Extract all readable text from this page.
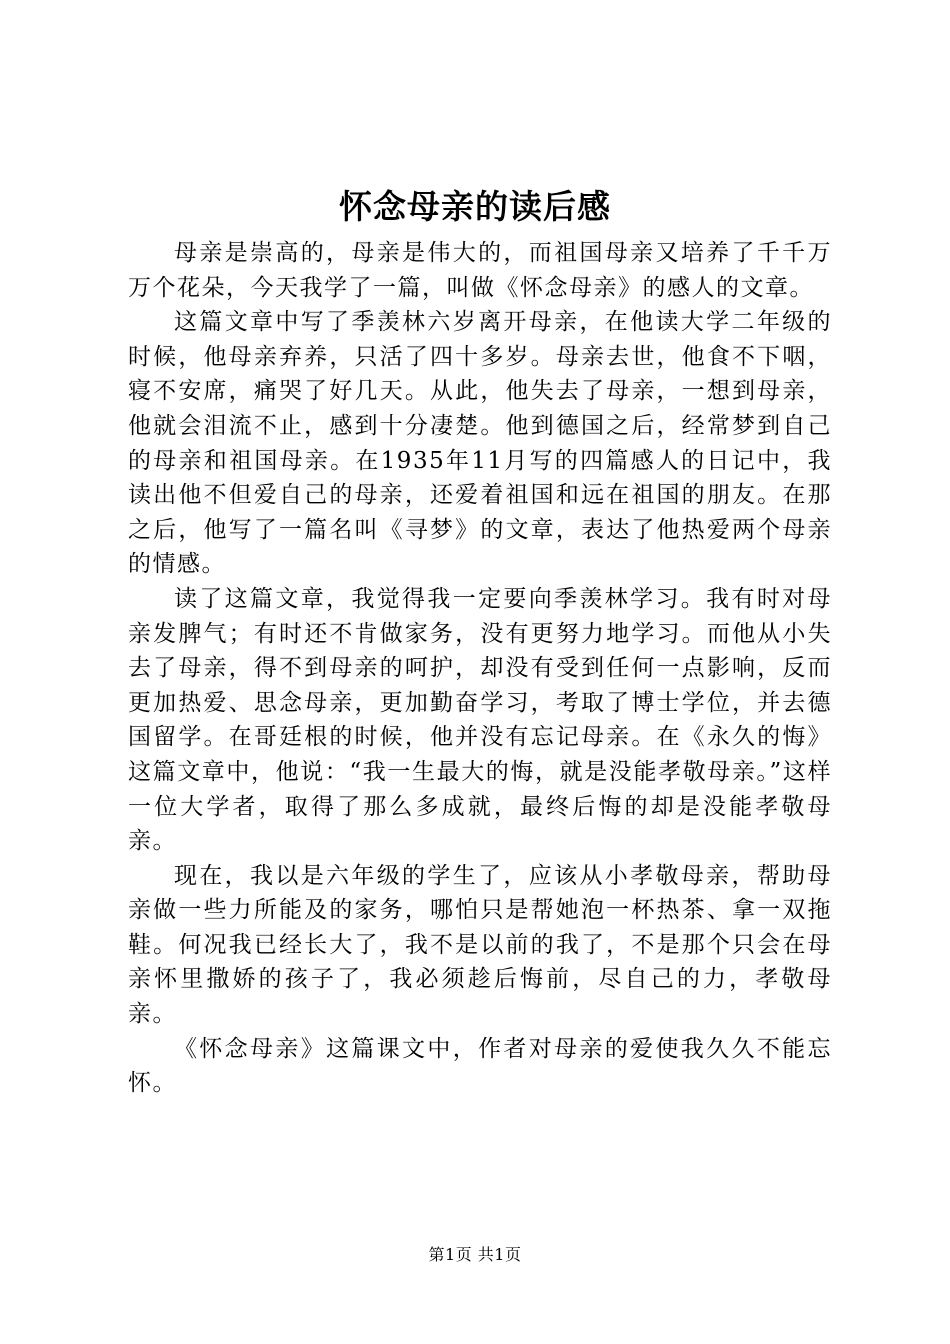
怀念母亲的读后感

母亲是崇高的，母亲是伟大的，而祖国母亲又培养了千千万万个花朵，今天我学了一篇，叫做《怀念母亲》的感人的文章。

这篇文章中写了季羡林六岁离开母亲，在他读大学二年级的时候，他母亲弃养，只活了四十多岁。母亲去世，他食不下咽，寝不安席，痛哭了好几天。从此，他失去了母亲，一想到母亲，他就会泪流不止，感到十分凄楚。他到德国之后，经常梦到自己的母亲和祖国母亲。在1935年11月写的四篇感人的日记中，我读出他不但爱自己的母亲，还爱着祖国和远在祖国的朋友。在那之后，他写了一篇名叫《寻梦》的文章，表达了他热爱两个母亲的情感。

读了这篇文章，我觉得我一定要向季羡林学习。我有时对母亲发脾气；有时还不肯做家务，没有更努力地学习。而他从小失去了母亲，得不到母亲的呵护，却没有受到任何一点影响，反而更加热爱、思念母亲，更加勤奋学习，考取了博士学位，并去德国留学。在哥廷根的时候，他并没有忘记母亲。在《永久的悔》这篇文章中，他说：“我一生最大的悔，就是没能孝敬母亲。”这样一位大学者，取得了那么多成就，最终后悔的却是没能孝敬母亲。

现在，我以是六年级的学生了，应该从小孝敬母亲，帮助母亲做一些力所能及的家务，哪怕只是帮她泡一杯热茶、拿一双拖鞋。何况我已经长大了，我不是以前的我了，不是那个只会在母亲怀里撒娇的孩子了，我必须趁后悔前，尽自己的力，孝敬母亲。

《怀念母亲》这篇课文中，作者对母亲的爱使我久久不能忘怀。

第1页 共1页
